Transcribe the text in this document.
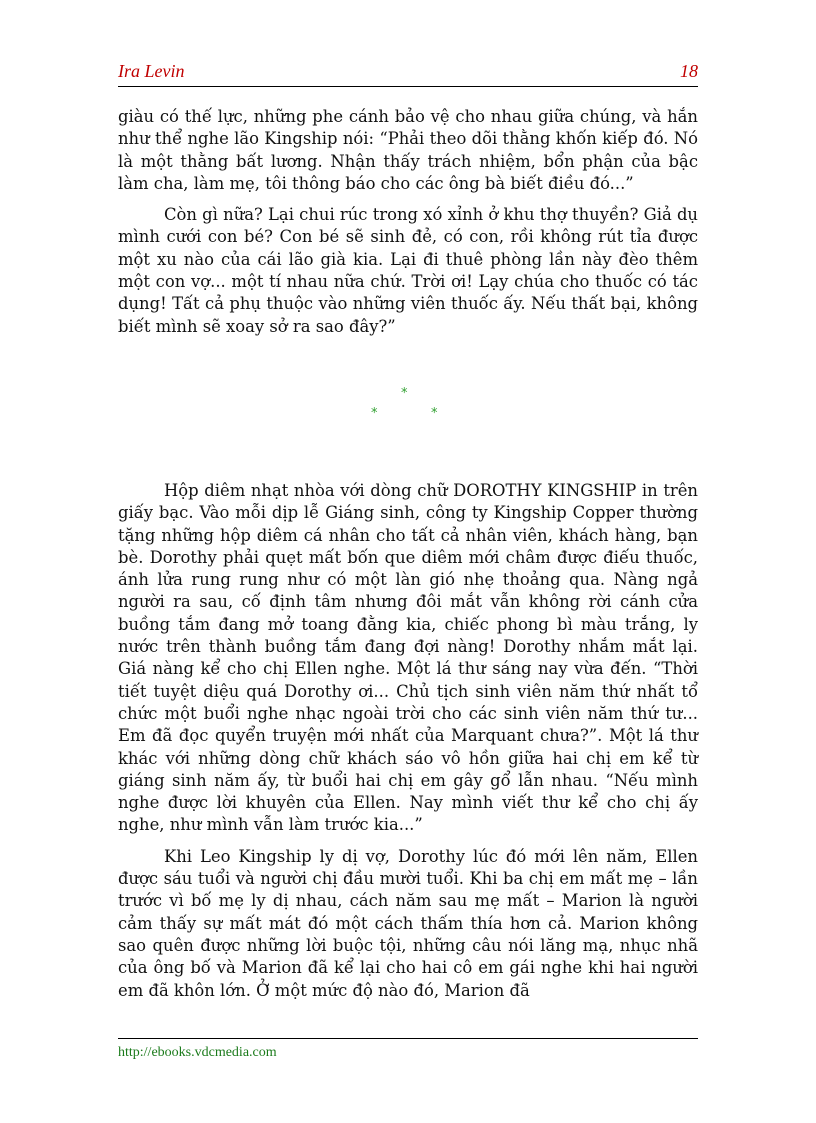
Ira Levin	18

giàu có thế lực, những phe cánh bảo vệ cho nhau giữa chúng, và hắn như thể nghe lão Kingship nói: “Phải theo dõi thằng khốn kiếp đó. Nó là một thằng bất lương. Nhận thấy trách nhiệm, bổn phận của bậc làm cha, làm mẹ, tôi thông báo cho các ông bà biết điều đó...”

Còn gì nữa? Lại chui rúc trong xó xỉnh ở khu thợ thuyền? Giả dụ mình cưới con bé? Con bé sẽ sinh đẻ, có con, rồi không rút tỉa được một xu nào của cái lão già kia. Lại đi thuê phòng lần này đèo thêm một con vợ... một tí nhau nữa chứ. Trời ơi! Lạy chúa cho thuốc có tác dụng! Tất cả phụ thuộc vào những viên thuốc ấy. Nếu thất bại, không biết mình sẽ xoay sở ra sao đây?”

*
*	*

Hộp diêm nhạt nhòa với dòng chữ DOROTHY KINGSHIP in trên giấy bạc. Vào mỗi dịp lễ Giáng sinh, công ty Kingship Copper thường tặng những hộp diêm cá nhân cho tất cả nhân viên, khách hàng, bạn bè. Dorothy phải quẹt mất bốn que diêm mới châm được điếu thuốc, ánh lửa rung rung như có một làn gió nhẹ thoảng qua. Nàng ngả người ra sau, cố định tâm nhưng đôi mắt vẫn không rời cánh cửa buồng tắm đang mở toang đằng kia, chiếc phong bì màu trắng, ly nước trên thành buồng tắm đang đợi nàng! Dorothy nhắm mắt lại. Giá nàng kể cho chị Ellen nghe. Một lá thư sáng nay vừa đến. “Thời tiết tuyệt diệu quá Dorothy ơi... Chủ tịch sinh viên năm thứ nhất tổ chức một buổi nghe nhạc ngoài trời cho các sinh viên năm thứ tư... Em đã đọc quyển truyện mới nhất của Marquant chưa?”. Một lá thư khác với những dòng chữ khách sáo vô hồn giữa hai chị em kể từ giáng sinh năm ấy, từ buổi hai chị em gây gổ lẫn nhau. “Nếu mình nghe được lời khuyên của Ellen. Nay mình viết thư kể cho chị ấy nghe, như mình vẫn làm trước kia...”

Khi Leo Kingship ly dị vợ, Dorothy lúc đó mới lên năm, Ellen được sáu tuổi và người chị đầu mười tuổi. Khi ba chị em mất mẹ – lần trước vì bố mẹ ly dị nhau, cách năm sau mẹ mất – Marion là người cảm thấy sự mất mát đó một cách thấm thía hơn cả. Marion không sao quên được những lời buộc tội, những câu nói lăng mạ, nhục nhã của ông bố và Marion đã kể lại cho hai cô em gái nghe khi hai người em đã khôn lớn. Ở một mức độ nào đó, Marion đã

http://ebooks.vdcmedia.com
